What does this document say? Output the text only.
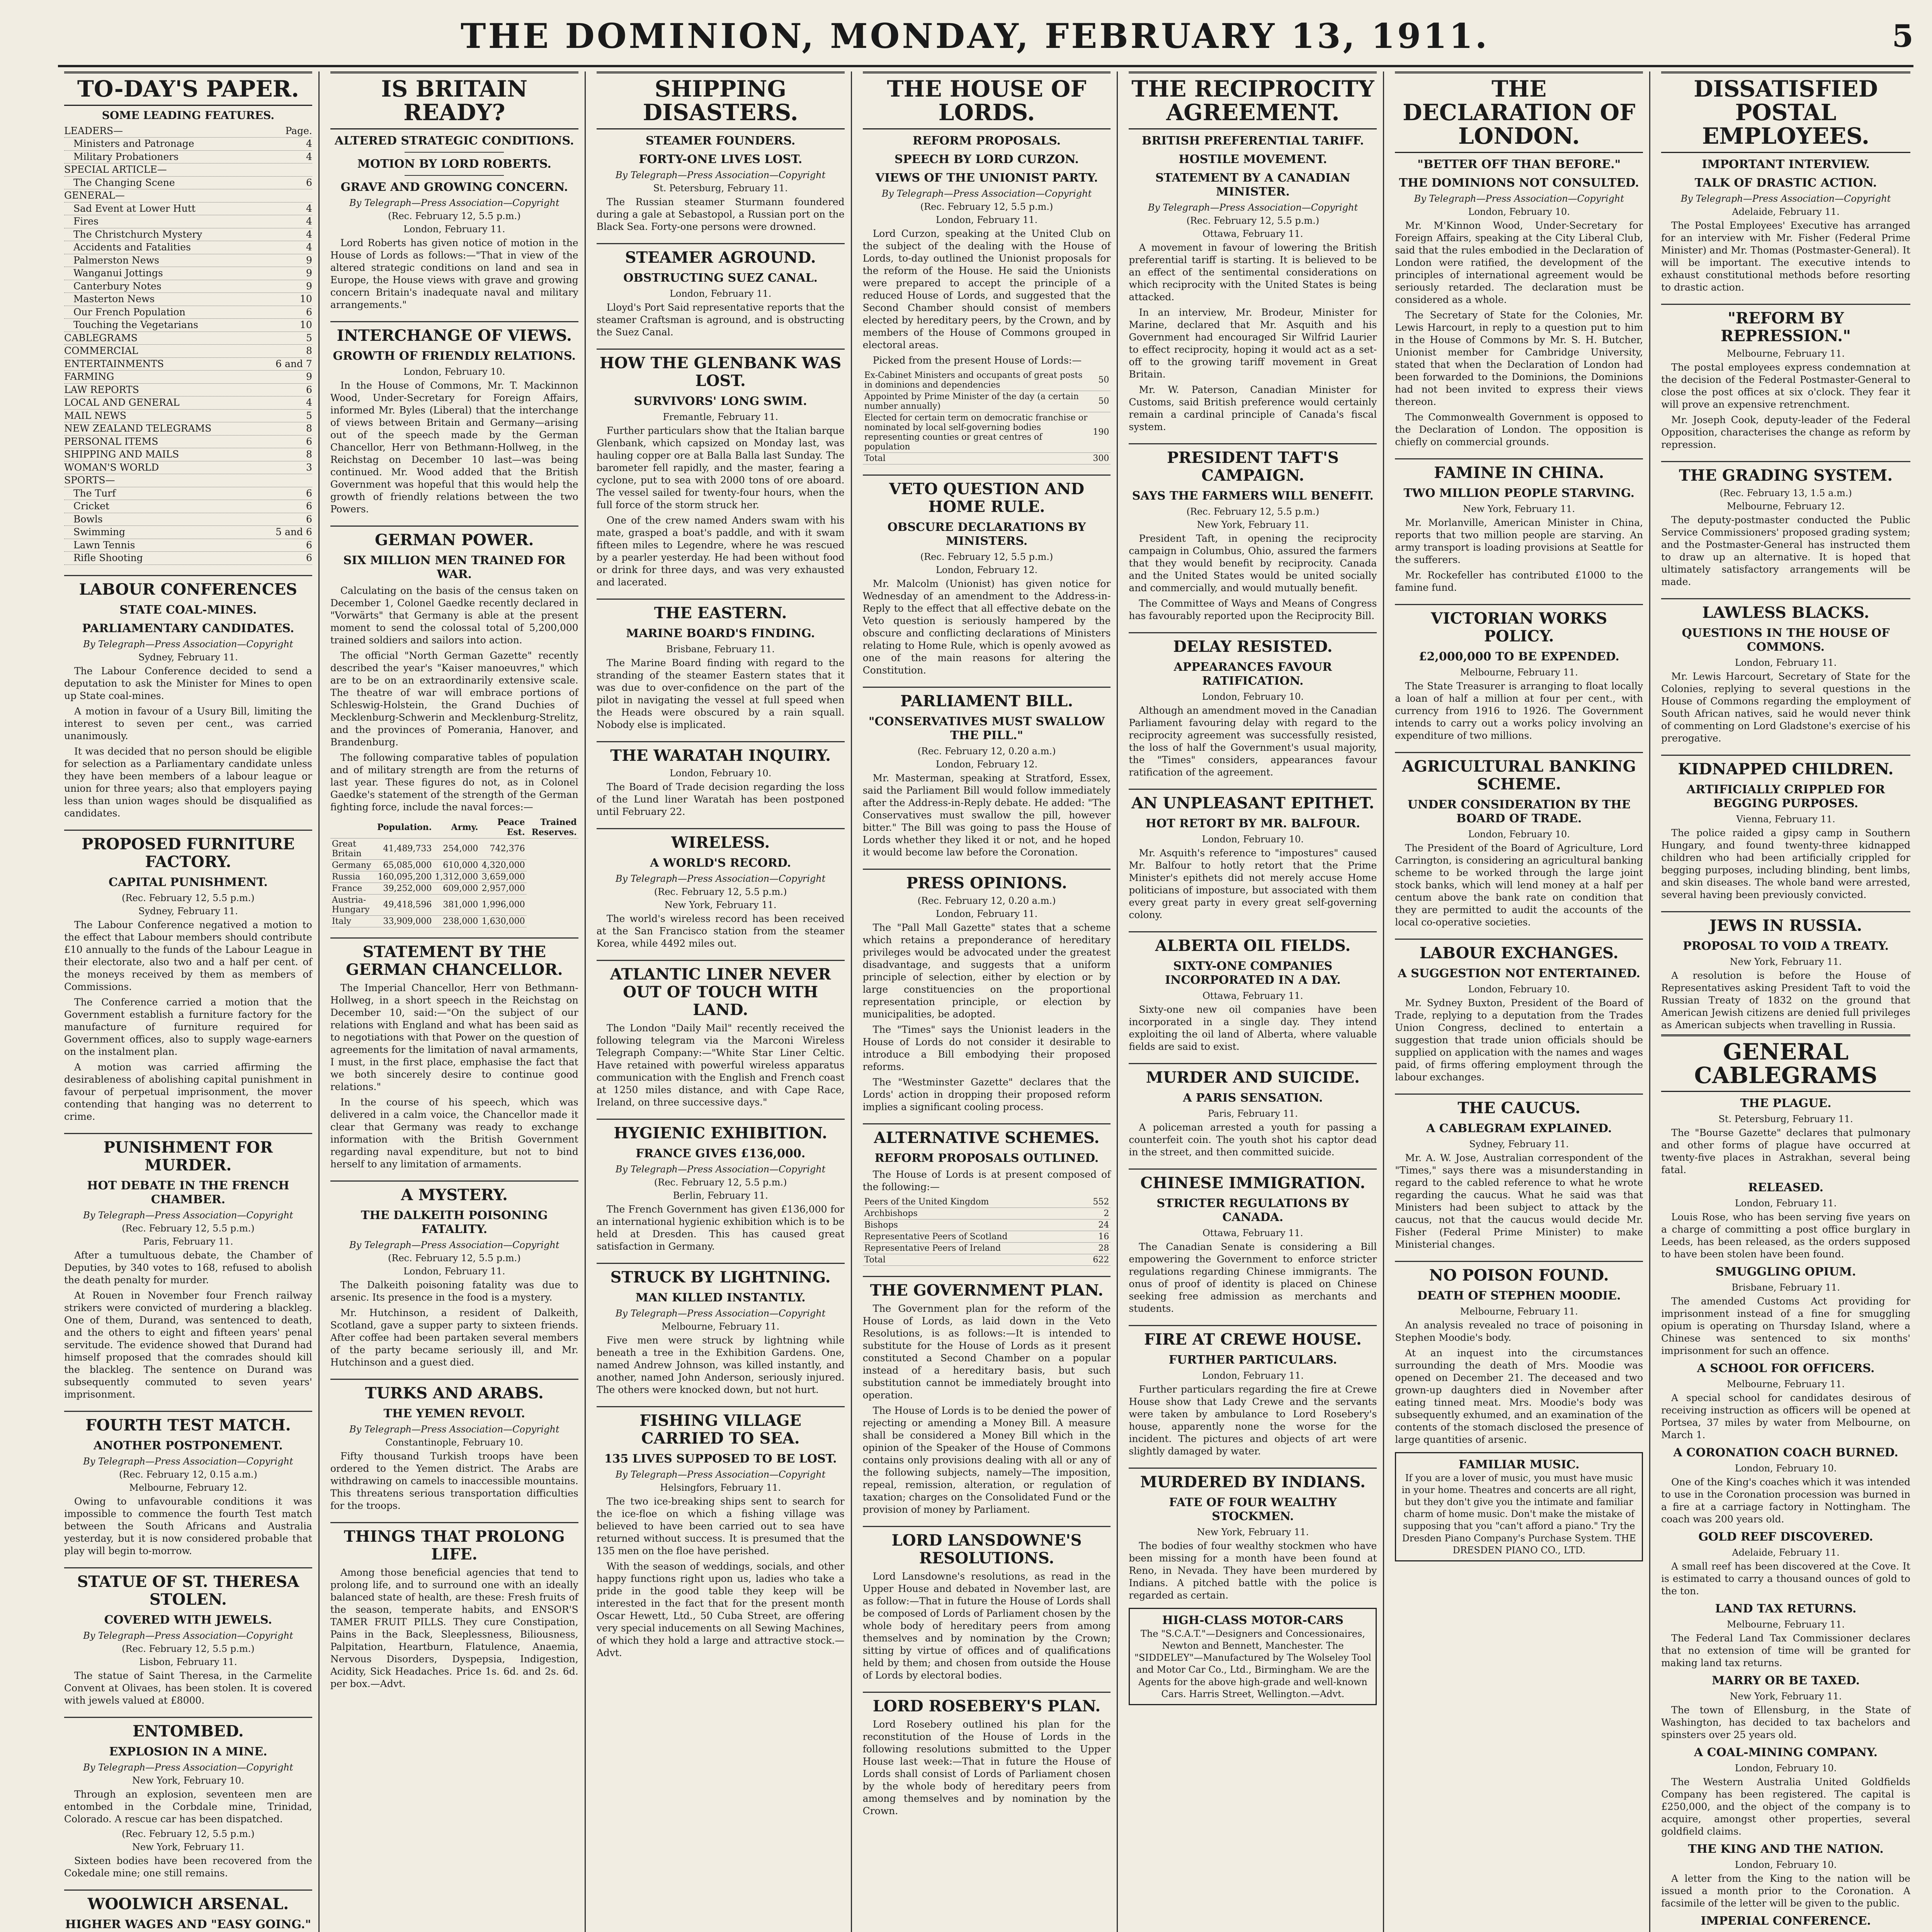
THE DOMINION, MONDAY, FEBRUARY 13, 1911.	5
TO-DAY'S PAPER.
SOME LEADING FEATURES.
LEADERS—	Page.
Ministers and Patronage	4
Military Probationers	4
SPECIAL ARTICLE—
The Changing Scene	6
GENERAL—
Sad Event at Lower Hutt	4
Fires	4
The Christchurch Mystery	4
Accidents and Fatalities	4
Palmerston News	9
Wanganui Jottings	9
Canterbury Notes	9
Masterton News	10
Our French Population	6
Touching the Vegetarians	10
CABLEGRAMS	5
COMMERCIAL	8
ENTERTAINMENTS	6 and 7
FARMING	9
LAW REPORTS	6
LOCAL AND GENERAL	4
MAIL NEWS	5
NEW ZEALAND TELEGRAMS	8
PERSONAL ITEMS	6
SHIPPING AND MAILS	8
WOMAN'S WORLD	3
SPORTS—
The Turf	6
Cricket	6
Bowls	6
Swimming	5 and 6
Lawn Tennis	6
Rifle Shooting	6
LABOUR CONFERENCES
STATE COAL-MINES.
PARLIAMENTARY CANDIDATES.
By Telegraph—Press Association—Copyright
Sydney, February 11.

The Labour Conference decided to send a deputation to ask the Minister for Mines to open up State coal-mines.

A motion in favour of a Usury Bill, limiting the interest to seven per cent., was carried unanimously.

It was decided that no person should be eligible for selection as a Parliamentary candidate unless they have been members of a labour league or union for three years; also that employers paying less than union wages should be disqualified as candidates.

PROPOSED FURNITURE FACTORY.
CAPITAL PUNISHMENT.
(Rec. February 12, 5.5 p.m.)
Sydney, February 11.

The Labour Conference negatived a motion to the effect that Labour members should contribute £10 annually to the funds of the Labour League in their electorate, also two and a half per cent. of the moneys received by them as members of Commissions.

The Conference carried a motion that the Government establish a furniture factory for the manufacture of furniture required for Government offices, also to supply wage-earners on the instalment plan.

A motion was carried affirming the desirableness of abolishing capital punishment in favour of perpetual imprisonment, the mover contending that hanging was no deterrent to crime.

PUNISHMENT FOR MURDER.
HOT DEBATE IN THE FRENCH CHAMBER.
By Telegraph—Press Association—Copyright
(Rec. February 12, 5.5 p.m.)
Paris, February 11.

After a tumultuous debate, the Chamber of Deputies, by 340 votes to 168, refused to abolish the death penalty for murder.

At Rouen in November four French railway strikers were convicted of murdering a blackleg. One of them, Durand, was sentenced to death, and the others to eight and fifteen years' penal servitude. The evidence showed that Durand had himself proposed that the comrades should kill the blackleg. The sentence on Durand was subsequently commuted to seven years' imprisonment.

FOURTH TEST MATCH.
ANOTHER POSTPONEMENT.
By Telegraph—Press Association—Copyright
(Rec. February 12, 0.15 a.m.)
Melbourne, February 12.

Owing to unfavourable conditions it was impossible to commence the fourth Test match between the South Africans and Australia yesterday, but it is now considered probable that play will begin to-morrow.

STATUE OF ST. THERESA STOLEN.
COVERED WITH JEWELS.
By Telegraph—Press Association—Copyright
(Rec. February 12, 5.5 p.m.)
Lisbon, February 11.

The statue of Saint Theresa, in the Carmelite Convent at Olivaes, has been stolen. It is covered with jewels valued at £8000.

ENTOMBED.
EXPLOSION IN A MINE.
By Telegraph—Press Association—Copyright
New York, February 10.

Through an explosion, seventeen men are entombed in the Corbdale mine, Trinidad, Colorado. A rescue car has been dispatched.

(Rec. February 12, 5.5 p.m.)
New York, February 11.

Sixteen bodies have been recovered from the Cokedale mine; one still remains.

WOOLWICH ARSENAL.
HIGHER WAGES AND "EASY GOING."

IS BRITAIN READY?
ALTERED STRATEGIC CONDITIONS.
MOTION BY LORD ROBERTS.
GRAVE AND GROWING CONCERN.
By Telegraph—Press Association—Copyright
(Rec. February 12, 5.5 p.m.)
London, February 11.

Lord Roberts has given notice of motion in the House of Lords as follows:—"That in view of the altered strategic conditions on land and sea in Europe, the House views with grave and growing concern Britain's inadequate naval and military arrangements."

INTERCHANGE OF VIEWS.
GROWTH OF FRIENDLY RELATIONS.
London, February 10.

In the House of Commons, Mr. T. Mackinnon Wood, Under-Secretary for Foreign Affairs, informed Mr. Byles (Liberal) that the interchange of views between Britain and Germany—arising out of the speech made by the German Chancellor, Herr von Bethmann-Hollweg, in the Reichstag on December 10 last—was being continued. Mr. Wood added that the British Government was hopeful that this would help the growth of friendly relations between the two Powers.

GERMAN POWER.
SIX MILLION MEN TRAINED FOR WAR.

Calculating on the basis of the census taken on December 1, Colonel Gaedke recently declared in "Vorwärts" that Germany is able at the present moment to send the colossal total of 5,200,000 trained soldiers and sailors into action.

The official "North German Gazette" recently described the year's "Kaiser manoeuvres," which are to be on an extraordinarily extensive scale. The theatre of war will embrace portions of Schleswig-Holstein, the Grand Duchies of Mecklenburg-Schwerin and Mecklenburg-Strelitz, and the provinces of Pomerania, Hanover, and Brandenburg.

The following comparative tables of population and of military strength are from the returns of last year. These figures do not, as in Colonel Gaedke's statement of the strength of the German fighting force, include the naval forces:—

	Population.	Army.	Peace Est.	Trained Reserves.
Great Britain	41,489,733	254,000	742,376	
Germany	65,085,000	610,000	4,320,000	
Russia	160,095,200	1,312,000	3,659,000	
France	39,252,000	609,000	2,957,000	
Austria-Hungary	49,418,596	381,000	1,996,000	
Italy	33,909,000	238,000	1,630,000	
STATEMENT BY THE GERMAN CHANCELLOR.

The Imperial Chancellor, Herr von Bethmann-Hollweg, in a short speech in the Reichstag on December 10, said:—"On the subject of our relations with England and what has been said as to negotiations with that Power on the question of agreements for the limitation of naval armaments, I must, in the first place, emphasise the fact that we both sincerely desire to continue good relations."

In the course of his speech, which was delivered in a calm voice, the Chancellor made it clear that Germany was ready to exchange information with the British Government regarding naval expenditure, but not to bind herself to any limitation of armaments.

A MYSTERY.
THE DALKEITH POISONING FATALITY.
By Telegraph—Press Association—Copyright
(Rec. February 12, 5.5 p.m.)
London, February 11.

The Dalkeith poisoning fatality was due to arsenic. Its presence in the food is a mystery.

Mr. Hutchinson, a resident of Dalkeith, Scotland, gave a supper party to sixteen friends. After coffee had been partaken several members of the party became seriously ill, and Mr. Hutchinson and a guest died.

TURKS AND ARABS.
THE YEMEN REVOLT.
By Telegraph—Press Association—Copyright
Constantinople, February 10.

Fifty thousand Turkish troops have been ordered to the Yemen district. The Arabs are withdrawing on camels to inaccessible mountains. This threatens serious transportation difficulties for the troops.

THINGS THAT PROLONG LIFE.

Among those beneficial agencies that tend to prolong life, and to surround one with an ideally balanced state of health, are these: Fresh fruits of the season, temperate habits, and ENSOR'S TAMER FRUIT PILLS. They cure Constipation, Pains in the Back, Sleeplessness, Biliousness, Palpitation, Heartburn, Flatulence, Anaemia, Nervous Disorders, Dyspepsia, Indigestion, Acidity, Sick Headaches. Price 1s. 6d. and 2s. 6d. per box.—Advt.

SHIPPING DISASTERS.
STEAMER FOUNDERS.
FORTY-ONE LIVES LOST.
By Telegraph—Press Association—Copyright
St. Petersburg, February 11.

The Russian steamer Sturmann foundered during a gale at Sebastopol, a Russian port on the Black Sea. Forty-one persons were drowned.

STEAMER AGROUND.
OBSTRUCTING SUEZ CANAL.
London, February 11.

Lloyd's Port Said representative reports that the steamer Craftsman is aground, and is obstructing the Suez Canal.

HOW THE GLENBANK WAS LOST.
SURVIVORS' LONG SWIM.
Fremantle, February 11.

Further particulars show that the Italian barque Glenbank, which capsized on Monday last, was hauling copper ore at Balla Balla last Sunday. The barometer fell rapidly, and the master, fearing a cyclone, put to sea with 2000 tons of ore aboard. The vessel sailed for twenty-four hours, when the full force of the storm struck her.

One of the crew named Anders swam with his mate, grasped a boat's paddle, and with it swam fifteen miles to Legendre, where he was rescued by a pearler yesterday. He had been without food or drink for three days, and was very exhausted and lacerated.

THE EASTERN.
MARINE BOARD'S FINDING.
Brisbane, February 11.

The Marine Board finding with regard to the stranding of the steamer Eastern states that it was due to over-confidence on the part of the pilot in navigating the vessel at full speed when the Heads were obscured by a rain squall. Nobody else is implicated.

THE WARATAH INQUIRY.
London, February 10.

The Board of Trade decision regarding the loss of the Lund liner Waratah has been postponed until February 22.

WIRELESS.
A WORLD'S RECORD.
By Telegraph—Press Association—Copyright
(Rec. February 12, 5.5 p.m.)
New York, February 11.

The world's wireless record has been received at the San Francisco station from the steamer Korea, while 4492 miles out.

ATLANTIC LINER NEVER OUT OF TOUCH WITH LAND.

The London "Daily Mail" recently received the following telegram via the Marconi Wireless Telegraph Company:—"White Star Liner Celtic. Have retained with powerful wireless apparatus communication with the English and French coast at 1250 miles distance, and with Cape Race, Ireland, on three successive days."

HYGIENIC EXHIBITION.
FRANCE GIVES £136,000.
By Telegraph—Press Association—Copyright
(Rec. February 12, 5.5 p.m.)
Berlin, February 11.

The French Government has given £136,000 for an international hygienic exhibition which is to be held at Dresden. This has caused great satisfaction in Germany.

STRUCK BY LIGHTNING.
MAN KILLED INSTANTLY.
By Telegraph—Press Association—Copyright
Melbourne, February 11.

Five men were struck by lightning while beneath a tree in the Exhibition Gardens. One, named Andrew Johnson, was killed instantly, and another, named John Anderson, seriously injured. The others were knocked down, but not hurt.

FISHING VILLAGE CARRIED TO SEA.
135 LIVES SUPPOSED TO BE LOST.
By Telegraph—Press Association—Copyright
Helsingfors, February 11.

The two ice-breaking ships sent to search for the ice-floe on which a fishing village was believed to have been carried out to sea have returned without success. It is presumed that the 135 men on the floe have perished.

With the season of weddings, socials, and other happy functions right upon us, ladies who take a pride in the good table they keep will be interested in the fact that for the present month Oscar Hewett, Ltd., 50 Cuba Street, are offering very special inducements on all Sewing Machines, of which they hold a large and attractive stock.—Advt.

THE HOUSE OF LORDS.
REFORM PROPOSALS.
SPEECH BY LORD CURZON.
VIEWS OF THE UNIONIST PARTY.
By Telegraph—Press Association—Copyright
(Rec. February 12, 5.5 p.m.)
London, February 11.

Lord Curzon, speaking at the United Club on the subject of the dealing with the House of Lords, to-day outlined the Unionist proposals for the reform of the House. He said the Unionists were prepared to accept the principle of a reduced House of Lords, and suggested that the Second Chamber should consist of members elected by hereditary peers, by the Crown, and by members of the House of Commons grouped in electoral areas.

Picked from the present House of Lords:—

Ex-Cabinet Ministers and occupants of great posts in dominions and dependencies	50
Appointed by Prime Minister of the day (a certain number annually)	50
Elected for certain term on democratic franchise or nominated by local self-governing bodies representing counties or great centres of population	190
Total	300
VETO QUESTION AND HOME RULE.
OBSCURE DECLARATIONS BY MINISTERS.
(Rec. February 12, 5.5 p.m.)
London, February 12.

Mr. Malcolm (Unionist) has given notice for Wednesday of an amendment to the Address-in-Reply to the effect that all effective debate on the Veto question is seriously hampered by the obscure and conflicting declarations of Ministers relating to Home Rule, which is openly avowed as one of the main reasons for altering the Constitution.

PARLIAMENT BILL.
"CONSERVATIVES MUST SWALLOW THE PILL."
(Rec. February 12, 0.20 a.m.)
London, February 12.

Mr. Masterman, speaking at Stratford, Essex, said the Parliament Bill would follow immediately after the Address-in-Reply debate. He added: "The Conservatives must swallow the pill, however bitter." The Bill was going to pass the House of Lords whether they liked it or not, and he hoped it would become law before the Coronation.

PRESS OPINIONS.
(Rec. February 12, 0.20 a.m.)
London, February 11.

The "Pall Mall Gazette" states that a scheme which retains a preponderance of hereditary privileges would be advocated under the greatest disadvantage, and suggests that a uniform principle of selection, either by election or by large constituencies on the proportional representation principle, or election by municipalities, be adopted.

The "Times" says the Unionist leaders in the House of Lords do not consider it desirable to introduce a Bill embodying their proposed reforms.

The "Westminster Gazette" declares that the Lords' action in dropping their proposed reform implies a significant cooling process.

ALTERNATIVE SCHEMES.
REFORM PROPOSALS OUTLINED.

The House of Lords is at present composed of the following:—

Peers of the United Kingdom	552
Archbishops	2
Bishops	24
Representative Peers of Scotland	16
Representative Peers of Ireland	28
Total	622
THE GOVERNMENT PLAN.

The Government plan for the reform of the House of Lords, as laid down in the Veto Resolutions, is as follows:—It is intended to substitute for the House of Lords as it present constituted a Second Chamber on a popular instead of a hereditary basis, but such substitution cannot be immediately brought into operation.

The House of Lords is to be denied the power of rejecting or amending a Money Bill. A measure shall be considered a Money Bill which in the opinion of the Speaker of the House of Commons contains only provisions dealing with all or any of the following subjects, namely—The imposition, repeal, remission, alteration, or regulation of taxation; charges on the Consolidated Fund or the provision of money by Parliament.

LORD LANSDOWNE'S RESOLUTIONS.

Lord Lansdowne's resolutions, as read in the Upper House and debated in November last, are as follow:—That in future the House of Lords shall be composed of Lords of Parliament chosen by the whole body of hereditary peers from among themselves and by nomination by the Crown; sitting by virtue of offices and of qualifications held by them; and chosen from outside the House of Lords by electoral bodies.

LORD ROSEBERY'S PLAN.

Lord Rosebery outlined his plan for the reconstitution of the House of Lords in the following resolutions submitted to the Upper House last week:—That in future the House of Lords shall consist of Lords of Parliament chosen by the whole body of hereditary peers from among themselves and by nomination by the Crown.

THE RECIPROCITY AGREEMENT.
BRITISH PREFERENTIAL TARIFF.
HOSTILE MOVEMENT.
STATEMENT BY A CANADIAN MINISTER.
By Telegraph—Press Association—Copyright
(Rec. February 12, 5.5 p.m.)
Ottawa, February 11.

A movement in favour of lowering the British preferential tariff is starting. It is believed to be an effect of the sentimental considerations on which reciprocity with the United States is being attacked.

In an interview, Mr. Brodeur, Minister for Marine, declared that Mr. Asquith and his Government had encouraged Sir Wilfrid Laurier to effect reciprocity, hoping it would act as a set-off to the growing tariff movement in Great Britain.

Mr. W. Paterson, Canadian Minister for Customs, said British preference would certainly remain a cardinal principle of Canada's fiscal system.

PRESIDENT TAFT'S CAMPAIGN.
SAYS THE FARMERS WILL BENEFIT.
(Rec. February 12, 5.5 p.m.)
New York, February 11.

President Taft, in opening the reciprocity campaign in Columbus, Ohio, assured the farmers that they would benefit by reciprocity. Canada and the United States would be united socially and commercially, and would mutually benefit.

The Committee of Ways and Means of Congress has favourably reported upon the Reciprocity Bill.

DELAY RESISTED.
APPEARANCES FAVOUR RATIFICATION.
London, February 10.

Although an amendment moved in the Canadian Parliament favouring delay with regard to the reciprocity agreement was successfully resisted, the loss of half the Government's usual majority, the "Times" considers, appearances favour ratification of the agreement.

AN UNPLEASANT EPITHET.
HOT RETORT BY MR. BALFOUR.
London, February 10.

Mr. Asquith's reference to "impostures" caused Mr. Balfour to hotly retort that the Prime Minister's epithets did not merely accuse Home politicians of imposture, but associated with them every great party in every great self-governing colony.

ALBERTA OIL FIELDS.
SIXTY-ONE COMPANIES INCORPORATED IN A DAY.
Ottawa, February 11.

Sixty-one new oil companies have been incorporated in a single day. They intend exploiting the oil land of Alberta, where valuable fields are said to exist.

MURDER AND SUICIDE.
A PARIS SENSATION.
Paris, February 11.

A policeman arrested a youth for passing a counterfeit coin. The youth shot his captor dead in the street, and then committed suicide.

CHINESE IMMIGRATION.
STRICTER REGULATIONS BY CANADA.
Ottawa, February 11.

The Canadian Senate is considering a Bill empowering the Government to enforce stricter regulations regarding Chinese immigrants. The onus of proof of identity is placed on Chinese seeking free admission as merchants and students.

FIRE AT CREWE HOUSE.
FURTHER PARTICULARS.
London, February 11.

Further particulars regarding the fire at Crewe House show that Lady Crewe and the servants were taken by ambulance to Lord Rosebery's house, apparently none the worse for the incident. The pictures and objects of art were slightly damaged by water.

MURDERED BY INDIANS.
FATE OF FOUR WEALTHY STOCKMEN.
New York, February 11.

The bodies of four wealthy stockmen who have been missing for a month have been found at Reno, in Nevada. They have been murdered by Indians. A pitched battle with the police is regarded as certain.

HIGH-CLASS MOTOR-CARS
The "S.C.A.T."—Designers and Concessionaires, Newton and Bennett, Manchester. The "SIDDELEY"—Manufactured by The Wolseley Tool and Motor Car Co., Ltd., Birmingham. We are the Agents for the above high-grade and well-known Cars. Harris Street, Wellington.—Advt.
THE DECLARATION OF LONDON.
"BETTER OFF THAN BEFORE."
THE DOMINIONS NOT CONSULTED.
By Telegraph—Press Association—Copyright
London, February 10.

Mr. M'Kinnon Wood, Under-Secretary for Foreign Affairs, speaking at the City Liberal Club, said that the rules embodied in the Declaration of London were ratified, the development of the principles of international agreement would be seriously retarded. The declaration must be considered as a whole.

The Secretary of State for the Colonies, Mr. Lewis Harcourt, in reply to a question put to him in the House of Commons by Mr. S. H. Butcher, Unionist member for Cambridge University, stated that when the Declaration of London had been forwarded to the Dominions, the Dominions had not been invited to express their views thereon.

The Commonwealth Government is opposed to the Declaration of London. The opposition is chiefly on commercial grounds.

FAMINE IN CHINA.
TWO MILLION PEOPLE STARVING.
New York, February 11.

Mr. Morlanville, American Minister in China, reports that two million people are starving. An army transport is loading provisions at Seattle for the sufferers.

Mr. Rockefeller has contributed £1000 to the famine fund.

VICTORIAN WORKS POLICY.
£2,000,000 TO BE EXPENDED.
Melbourne, February 11.

The State Treasurer is arranging to float locally a loan of half a million at four per cent., with currency from 1916 to 1926. The Government intends to carry out a works policy involving an expenditure of two millions.

AGRICULTURAL BANKING SCHEME.
UNDER CONSIDERATION BY THE BOARD OF TRADE.
London, February 10.

The President of the Board of Agriculture, Lord Carrington, is considering an agricultural banking scheme to be worked through the large joint stock banks, which will lend money at a half per centum above the bank rate on condition that they are permitted to audit the accounts of the local co-operative societies.

LABOUR EXCHANGES.
A SUGGESTION NOT ENTERTAINED.
London, February 10.

Mr. Sydney Buxton, President of the Board of Trade, replying to a deputation from the Trades Union Congress, declined to entertain a suggestion that trade union officials should be supplied on application with the names and wages paid, of firms offering employment through the labour exchanges.

THE CAUCUS.
A CABLEGRAM EXPLAINED.
Sydney, February 11.

Mr. A. W. Jose, Australian correspondent of the "Times," says there was a misunderstanding in regard to the cabled reference to what he wrote regarding the caucus. What he said was that Ministers had been subject to attack by the caucus, not that the caucus would decide Mr. Fisher (Federal Prime Minister) to make Ministerial changes.

NO POISON FOUND.
DEATH OF STEPHEN MOODIE.
Melbourne, February 11.

An analysis revealed no trace of poisoning in Stephen Moodie's body.

At an inquest into the circumstances surrounding the death of Mrs. Moodie was opened on December 21. The deceased and two grown-up daughters died in November after eating tinned meat. Mrs. Moodie's body was subsequently exhumed, and an examination of the contents of the stomach disclosed the presence of large quantities of arsenic.

FAMILIAR MUSIC.
If you are a lover of music, you must have music in your home. Theatres and concerts are all right, but they don't give you the intimate and familiar charm of home music. Don't make the mistake of supposing that you "can't afford a piano." Try the Dresden Piano Company's Purchase System. THE DRESDEN PIANO CO., LTD.
DISSATISFIED POSTAL EMPLOYEES.
IMPORTANT INTERVIEW.
TALK OF DRASTIC ACTION.
By Telegraph—Press Association—Copyright
Adelaide, February 11.

The Postal Employees' Executive has arranged for an interview with Mr. Fisher (Federal Prime Minister) and Mr. Thomas (Postmaster-General). It will be important. The executive intends to exhaust constitutional methods before resorting to drastic action.

"REFORM BY REPRESSION."
Melbourne, February 11.

The postal employees express condemnation at the decision of the Federal Postmaster-General to close the post offices at six o'clock. They fear it will prove an expensive retrenchment.

Mr. Joseph Cook, deputy-leader of the Federal Opposition, characterises the change as reform by repression.

THE GRADING SYSTEM.
(Rec. February 13, 1.5 a.m.)
Melbourne, February 12.

The deputy-postmaster conducted the Public Service Commissioners' proposed grading system; and the Postmaster-General has instructed them to draw up an alternative. It is hoped that ultimately satisfactory arrangements will be made.

LAWLESS BLACKS.
QUESTIONS IN THE HOUSE OF COMMONS.
London, February 11.

Mr. Lewis Harcourt, Secretary of State for the Colonies, replying to several questions in the House of Commons regarding the employment of South African natives, said he would never think of commenting on Lord Gladstone's exercise of his prerogative.

KIDNAPPED CHILDREN.
ARTIFICIALLY CRIPPLED FOR BEGGING PURPOSES.
Vienna, February 11.

The police raided a gipsy camp in Southern Hungary, and found twenty-three kidnapped children who had been artificially crippled for begging purposes, including blinding, bent limbs, and skin diseases. The whole band were arrested, several having been previously convicted.

JEWS IN RUSSIA.
PROPOSAL TO VOID A TREATY.
New York, February 11.

A resolution is before the House of Representatives asking President Taft to void the Russian Treaty of 1832 on the ground that American Jewish citizens are denied full privileges as American subjects when travelling in Russia.

GENERAL CABLEGRAMS
THE PLAGUE.
St. Petersburg, February 11.

The "Bourse Gazette" declares that pulmonary and other forms of plague have occurred at twenty-five places in Astrakhan, several being fatal.

RELEASED.
London, February 11.

Louis Rose, who has been serving five years on a charge of committing a post office burglary in Leeds, has been released, as the orders supposed to have been stolen have been found.

SMUGGLING OPIUM.
Brisbane, February 11.

The amended Customs Act providing for imprisonment instead of a fine for smuggling opium is operating on Thursday Island, where a Chinese was sentenced to six months' imprisonment for such an offence.

A SCHOOL FOR OFFICERS.
Melbourne, February 11.

A special school for candidates desirous of receiving instruction as officers will be opened at Portsea, 37 miles by water from Melbourne, on March 1.

A CORONATION COACH BURNED.
London, February 10.

One of the King's coaches which it was intended to use in the Coronation procession was burned in a fire at a carriage factory in Nottingham. The coach was 200 years old.

GOLD REEF DISCOVERED.
Adelaide, February 11.

A small reef has been discovered at the Cove. It is estimated to carry a thousand ounces of gold to the ton.

LAND TAX RETURNS.
Melbourne, February 11.

The Federal Land Tax Commissioner declares that no extension of time will be granted for making land tax returns.

MARRY OR BE TAXED.
New York, February 11.

The town of Ellensburg, in the State of Washington, has decided to tax bachelors and spinsters over 25 years old.

A COAL-MINING COMPANY.
London, February 10.

The Western Australia United Goldfields Company has been registered. The capital is £250,000, and the object of the company is to acquire, amongst other properties, several goldfield claims.

THE KING AND THE NATION.
London, February 10.

A letter from the King to the nation will be issued a month prior to the Coronation. A facsimile of the letter will be given to the public.

IMPERIAL CONFERENCE.
